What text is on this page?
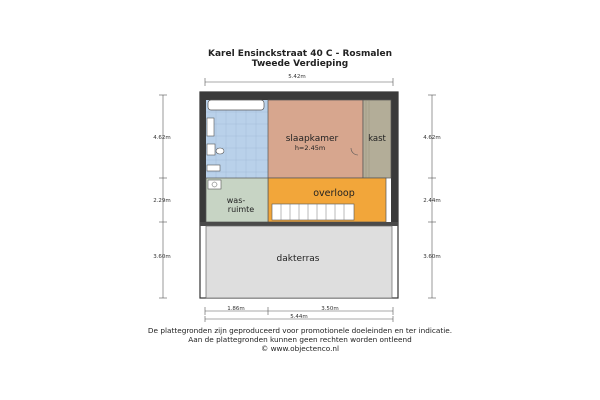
Karel Ensinckstraat 40 C - Rosmalen
Tweede Verdieping
5.42m
4.62m
2.29m
3.60m
4.62m
2.44m
3.60m
1.86m	3.50m
5.44m
slaapkamer
h=2.45m
kast
overloop
was-
ruimte
dakterras
De plattegronden zijn geproduceerd voor promotionele doeleinden en ter indicatie.
Aan de plattegronden kunnen geen rechten worden ontleend
© www.objectenco.nl
